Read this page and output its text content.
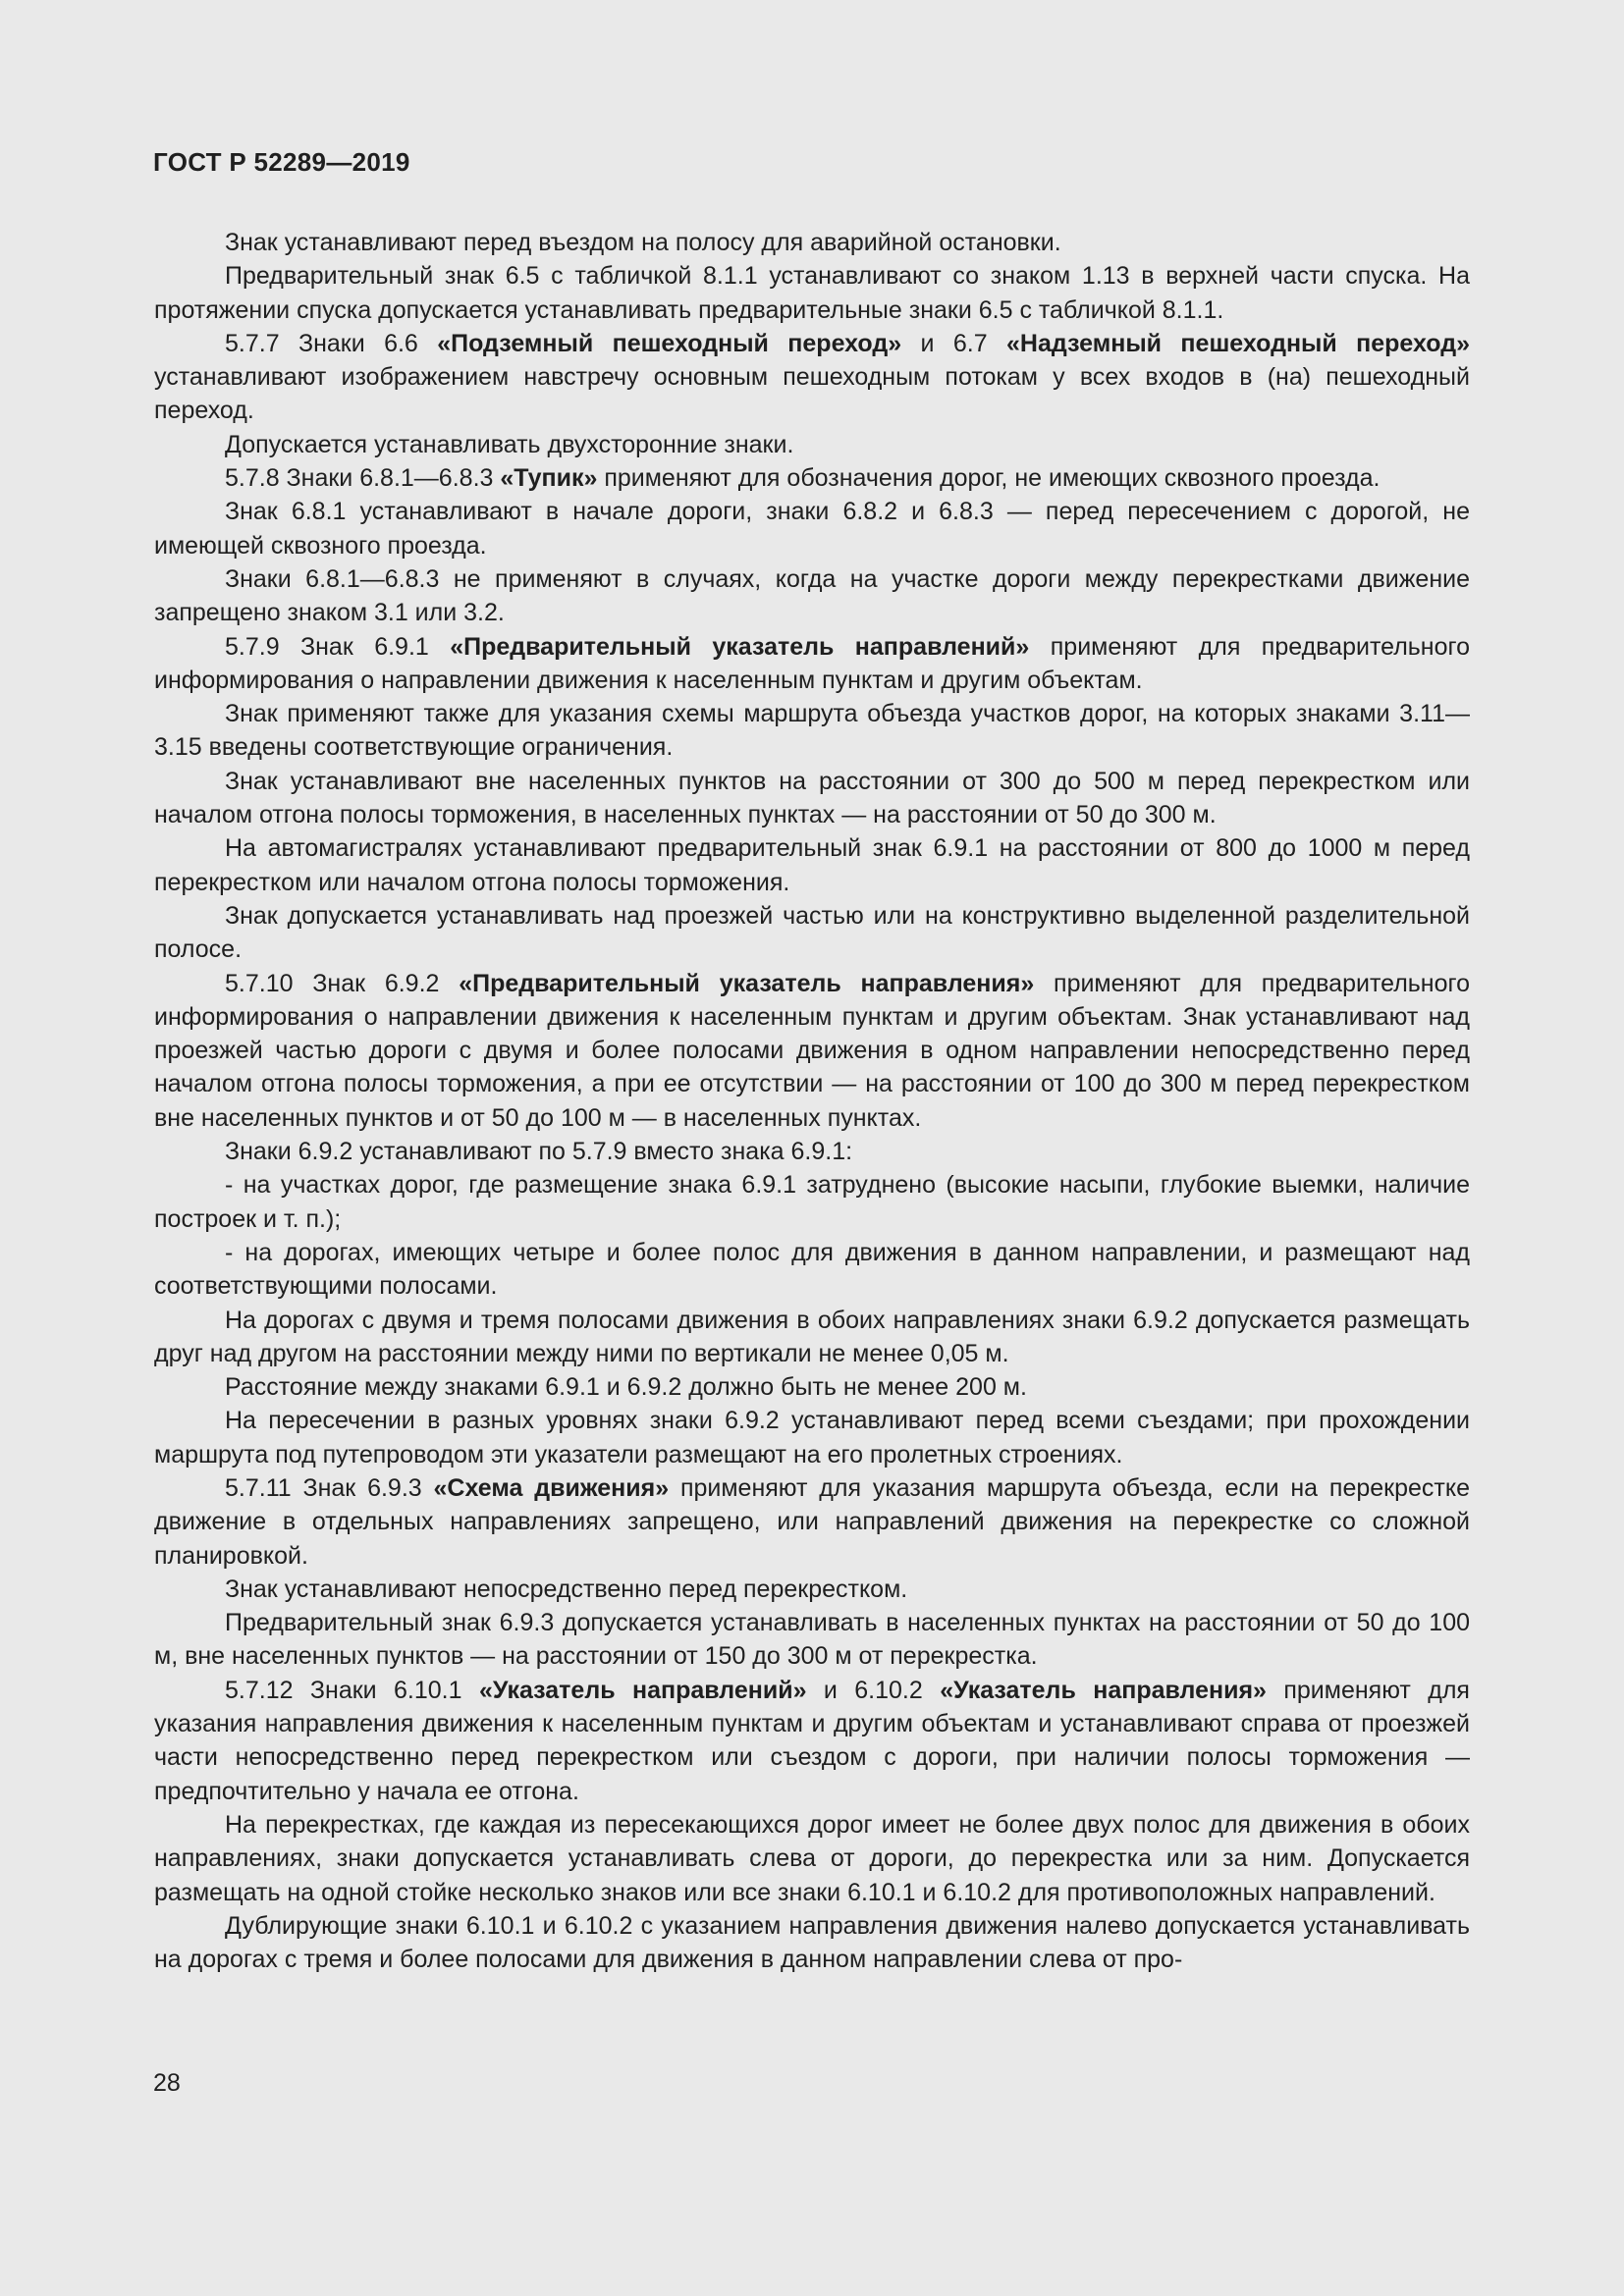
ГОСТ Р 52289—2019

Знак устанавливают перед въездом на полосу для аварийной остановки.

Предварительный знак 6.5 с табличкой 8.1.1 устанавливают со знаком 1.13 в верхней части спуска. На протяжении спуска допускается устанавливать предварительные знаки 6.5 с табличкой 8.1.1.

5.7.7 Знаки 6.6 «Подземный пешеходный переход» и 6.7 «Надземный пешеходный переход» устанавливают изображением навстречу основным пешеходным потокам у всех входов в (на) пешеходный переход.

Допускается устанавливать двухсторонние знаки.

5.7.8 Знаки 6.8.1—6.8.3 «Тупик» применяют для обозначения дорог, не имеющих сквозного проезда.

Знак 6.8.1 устанавливают в начале дороги, знаки 6.8.2 и 6.8.3 — перед пересечением с дорогой, не имеющей сквозного проезда.

Знаки 6.8.1—6.8.3 не применяют в случаях, когда на участке дороги между перекрестками движение запрещено знаком 3.1 или 3.2.

5.7.9 Знак 6.9.1 «Предварительный указатель направлений» применяют для предварительного информирования о направлении движения к населенным пунктам и другим объектам.

Знак применяют также для указания схемы маршрута объезда участков дорог, на которых знаками 3.11—3.15 введены соответствующие ограничения.

Знак устанавливают вне населенных пунктов на расстоянии от 300 до 500 м перед перекрестком или началом отгона полосы торможения, в населенных пунктах — на расстоянии от 50 до 300 м.

На автомагистралях устанавливают предварительный знак 6.9.1 на расстоянии от 800 до 1000 м перед перекрестком или началом отгона полосы торможения.

Знак допускается устанавливать над проезжей частью или на конструктивно выделенной разделительной полосе.

5.7.10 Знак 6.9.2 «Предварительный указатель направления» применяют для предварительного информирования о направлении движения к населенным пунктам и другим объектам. Знак устанавливают над проезжей частью дороги с двумя и более полосами движения в одном направлении непосредственно перед началом отгона полосы торможения, а при ее отсутствии — на расстоянии от 100 до 300 м перед перекрестком вне населенных пунктов и от 50 до 100 м — в населенных пунктах.

Знаки 6.9.2 устанавливают по 5.7.9 вместо знака 6.9.1:

- на участках дорог, где размещение знака 6.9.1 затруднено (высокие насыпи, глубокие выемки, наличие построек и т. п.);

- на дорогах, имеющих четыре и более полос для движения в данном направлении, и размещают над соответствующими полосами.

На дорогах с двумя и тремя полосами движения в обоих направлениях знаки 6.9.2 допускается размещать друг над другом на расстоянии между ними по вертикали не менее 0,05 м.

Расстояние между знаками 6.9.1 и 6.9.2 должно быть не менее 200 м.

На пересечении в разных уровнях знаки 6.9.2 устанавливают перед всеми съездами; при прохождении маршрута под путепроводом эти указатели размещают на его пролетных строениях.

5.7.11 Знак 6.9.3 «Схема движения» применяют для указания маршрута объезда, если на перекрестке движение в отдельных направлениях запрещено, или направлений движения на перекрестке со сложной планировкой.

Знак устанавливают непосредственно перед перекрестком.

Предварительный знак 6.9.3 допускается устанавливать в населенных пунктах на расстоянии от 50 до 100 м, вне населенных пунктов — на расстоянии от 150 до 300 м от перекрестка.

5.7.12 Знаки 6.10.1 «Указатель направлений» и 6.10.2 «Указатель направления» применяют для указания направления движения к населенным пунктам и другим объектам и устанавливают справа от проезжей части непосредственно перед перекрестком или съездом с дороги, при наличии полосы торможения — предпочтительно у начала ее отгона.

На перекрестках, где каждая из пересекающихся дорог имеет не более двух полос для движения в обоих направлениях, знаки допускается устанавливать слева от дороги, до перекрестка или за ним. Допускается размещать на одной стойке несколько знаков или все знаки 6.10.1 и 6.10.2 для противоположных направлений.

Дублирующие знаки 6.10.1 и 6.10.2 с указанием направления движения налево допускается устанавливать на дорогах с тремя и более полосами для движения в данном направлении слева от про-

28
